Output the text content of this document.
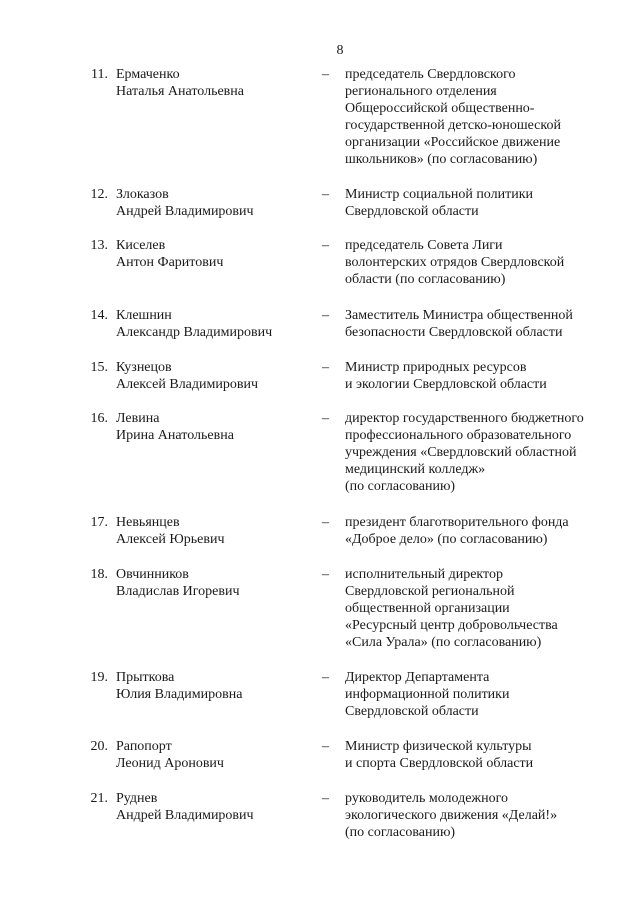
8
11. Ермаченко
Наталья Анатольевна
– председатель Свердловского
регионального отделения
Общероссийской общественно-
государственной детско-юношеской
организации «Российское движение
школьников» (по согласованию)
12. Злоказов
Андрей Владимирович
– Министр социальной политики
Свердловской области
13. Киселев
Антон Фаритович
– председатель Совета Лиги
волонтерских отрядов Свердловской
области (по согласованию)
14. Клешнин
Александр Владимирович
– Заместитель Министра общественной
безопасности Свердловской области
15. Кузнецов
Алексей Владимирович
– Министр природных ресурсов
и экологии Свердловской области
16. Левина
Ирина Анатольевна
– директор государственного бюджетного
профессионального образовательного
учреждения «Свердловский областной
медицинский колледж»
(по согласованию)
17. Невьянцев
Алексей Юрьевич
– президент благотворительного фонда
«Доброе дело» (по согласованию)
18. Овчинников
Владислав Игоревич
– исполнительный директор
Свердловской региональной
общественной организации
«Ресурсный центр добровольчества
«Сила Урала» (по согласованию)
19. Прыткова
Юлия Владимировна
– Директор Департамента
информационной политики
Свердловской области
20. Рапопорт
Леонид Аронович
– Министр физической культуры
и спорта Свердловской области
21. Руднев
Андрей Владимирович
– руководитель молодежного
экологического движения «Делай!»
(по согласованию)
